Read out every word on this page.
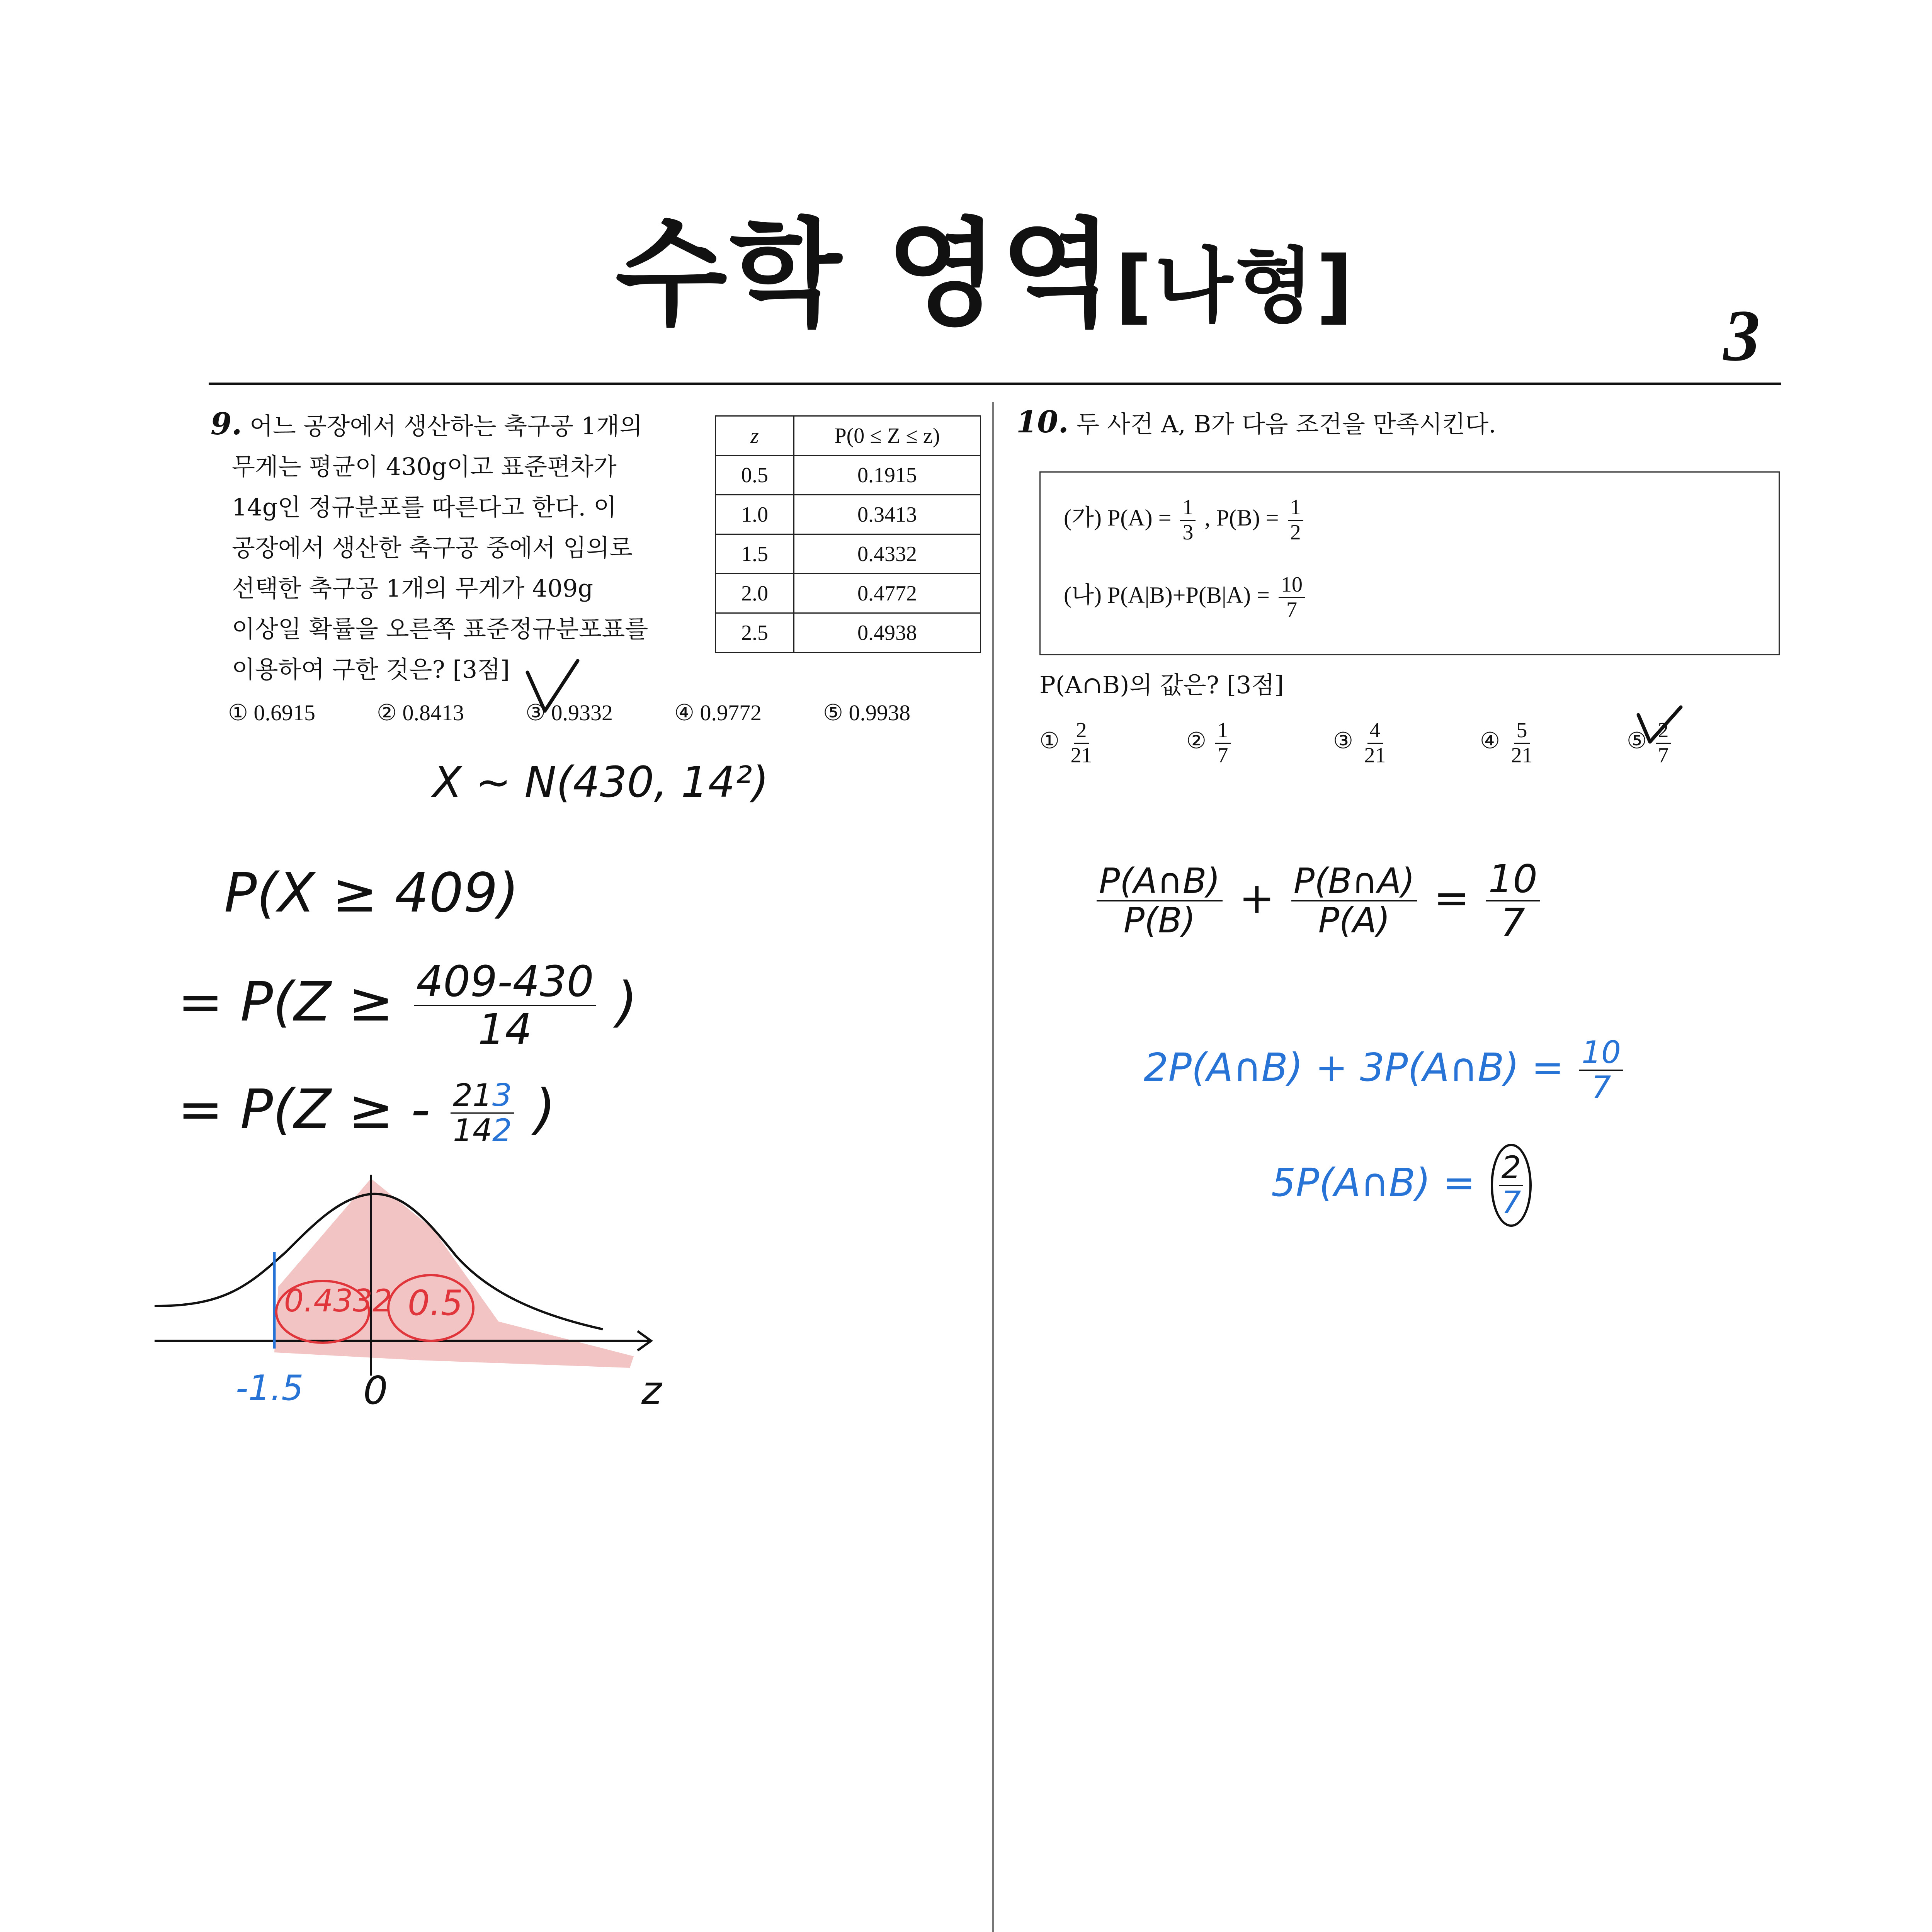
수학 영역[나형]
3
9. 어느 공장에서 생산하는 축구공 1개의
무게는 평균이 430g이고 표준편차가
14g인 정규분포를 따른다고 한다. 이
공장에서 생산한 축구공 중에서 임의로
선택한 축구공 1개의 무게가 409g
이상일 확률을 오른쪽 표준정규분포표를
이용하여 구한 것은? [3점]
z	P(0 ≤ Z ≤ z)
0.5	0.1915
1.0	0.3413
1.5	0.4332
2.0	0.4772
2.5	0.4938
① 0.6915	② 0.8413	③ 0.9332	④ 0.9772	⑤ 0.9938
10. 두 사건 A, B가 다음 조건을 만족시킨다.
(가) $P(A) = \frac{1}{3}$ , $P(B) = \frac{1}{2}$
(나) $P(A|B)+P(B|A) = \frac{10}{7}$
P(A∩B)의 값은? [3점]
① $\frac{2}{21}$	② $\frac{1}{7}$	③ $\frac{4}{21}$	④ $\frac{5}{21}$	⑤ $\frac{2}{7}$
X ~ N(430, 14²)
P(X ≥ 409)
= $P(Z \ge \frac{409-430}{14}$ )
= P(Z ≥ - $\frac{213}{142}$ )
0.4332 0.5
-1.5 0	z
$\frac{P(A\cap B)}{P(B)} + \frac{P(B\cap A)}{P(A)} = \frac{10}{7}$
2P(A∩B) + 3P(A∩B) = $\frac{10}{7}$
5P(A∩B) = $\frac{2}{7}$
